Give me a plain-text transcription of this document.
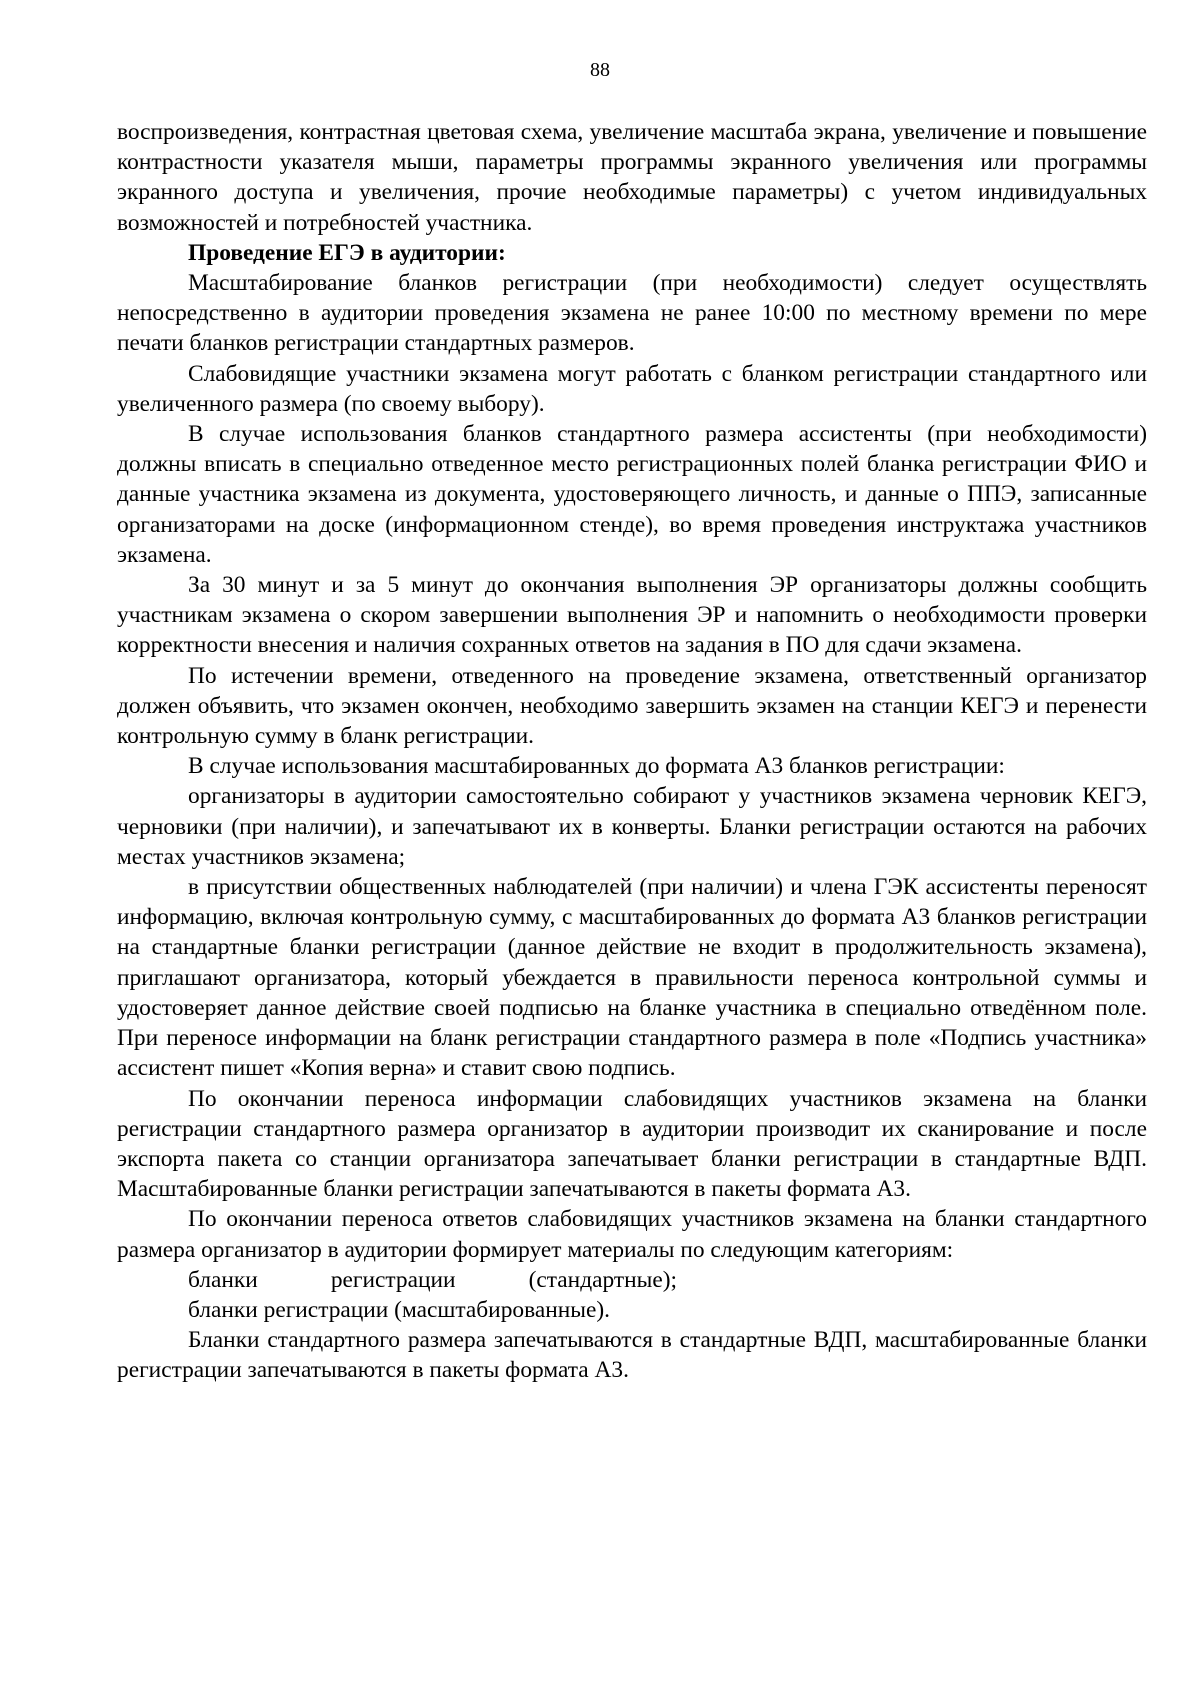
88

воспроизведения, контрастная цветовая схема, увеличение масштаба экрана, увеличение и повышение контрастности указателя мыши, параметры программы экранного увеличения или программы экранного доступа и увеличения, прочие необходимые параметры) с учетом индивидуальных возможностей и потребностей участника.

Проведение ЕГЭ в аудитории:

Масштабирование бланков регистрации (при необходимости) следует осуществлять непосредственно в аудитории проведения экзамена не ранее 10:00 по местному времени по мере печати бланков регистрации стандартных размеров.

Слабовидящие участники экзамена могут работать с бланком регистрации стандартного или увеличенного размера (по своему выбору).

В случае использования бланков стандартного размера ассистенты (при необходимости) должны вписать в специально отведенное место регистрационных полей бланка регистрации ФИО и данные участника экзамена из документа, удостоверяющего личность, и данные о ППЭ, записанные организаторами на доске (информационном стенде), во время проведения инструктажа участников экзамена.

За 30 минут и за 5 минут до окончания выполнения ЭР организаторы должны сообщить участникам экзамена о скором завершении выполнения ЭР и напомнить о необходимости проверки корректности внесения и наличия сохранных ответов на задания в ПО для сдачи экзамена.

По истечении времени, отведенного на проведение экзамена, ответственный организатор должен объявить, что экзамен окончен, необходимо завершить экзамен на станции КЕГЭ и перенести контрольную сумму в бланк регистрации.

В случае использования масштабированных до формата А3 бланков регистрации:

организаторы в аудитории самостоятельно собирают у участников экзамена черновик КЕГЭ, черновики (при наличии), и запечатывают их в конверты. Бланки регистрации остаются на рабочих местах участников экзамена;

в присутствии общественных наблюдателей (при наличии) и члена ГЭК ассистенты переносят информацию, включая контрольную сумму, с масштабированных до формата А3 бланков регистрации на стандартные бланки регистрации (данное действие не входит в продолжительность экзамена), приглашают организатора, который убеждается в правильности переноса контрольной суммы и удостоверяет данное действие своей подписью на бланке участника в специально отведённом поле. При переносе информации на бланк регистрации стандартного размера в поле «Подпись участника» ассистент пишет «Копия верна» и ставит свою подпись.

По окончании переноса информации слабовидящих участников экзамена на бланки регистрации стандартного размера организатор в аудитории производит их сканирование и после экспорта пакета со станции организатора запечатывает бланки регистрации в стандартные ВДП. Масштабированные бланки регистрации запечатываются в пакеты формата А3.

По окончании переноса ответов слабовидящих участников экзамена на бланки стандартного размера организатор в аудитории формирует материалы по следующим категориям:

бланки регистрации (стандартные);

бланки регистрации (масштабированные).

Бланки стандартного размера запечатываются в стандартные ВДП, масштабированные бланки регистрации запечатываются в пакеты формата А3.
